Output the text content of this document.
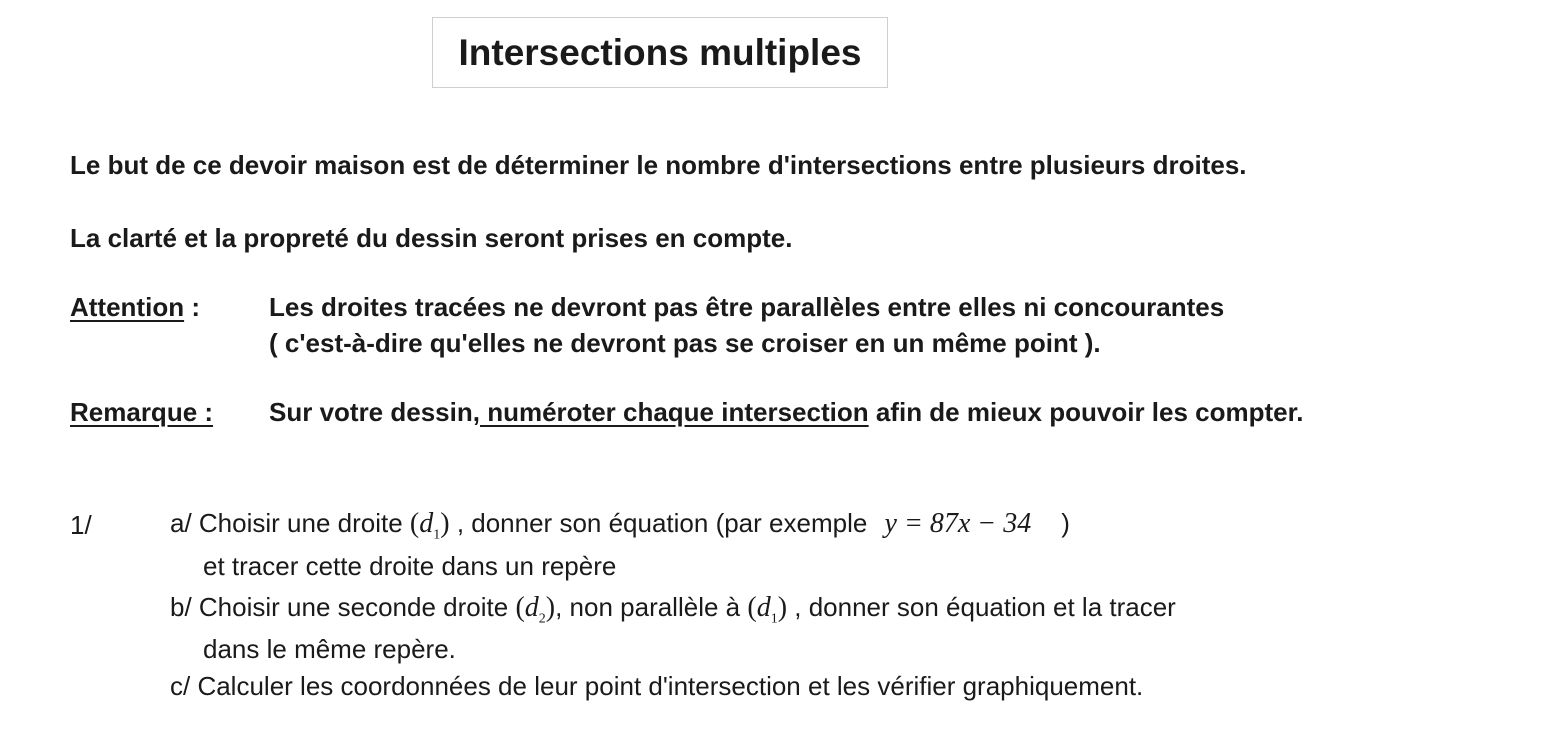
Intersections multiples
Le but de ce devoir maison est de déterminer le nombre d'intersections entre plusieurs droites.
La clarté et la propreté du dessin seront prises en compte.
Attention :	Les droites tracées ne devront pas être parallèles entre elles ni concourantes
( c'est-à-dire qu'elles ne devront pas se croiser en un même point ).
Remarque : Sur votre dessin, numéroter chaque intersection afin de mieux pouvoir les compter.
1/	a/ Choisir une droite $(d_1)$ , donner son équation (par exemple y = 87x − 34 )
et tracer cette droite dans un repère
b/ Choisir une seconde droite $(d_2)$, non parallèle à $(d_1)$ , donner son équation et la tracer
dans le même repère.
c/ Calculer les coordonnées de leur point d'intersection et les vérifier graphiquement.
